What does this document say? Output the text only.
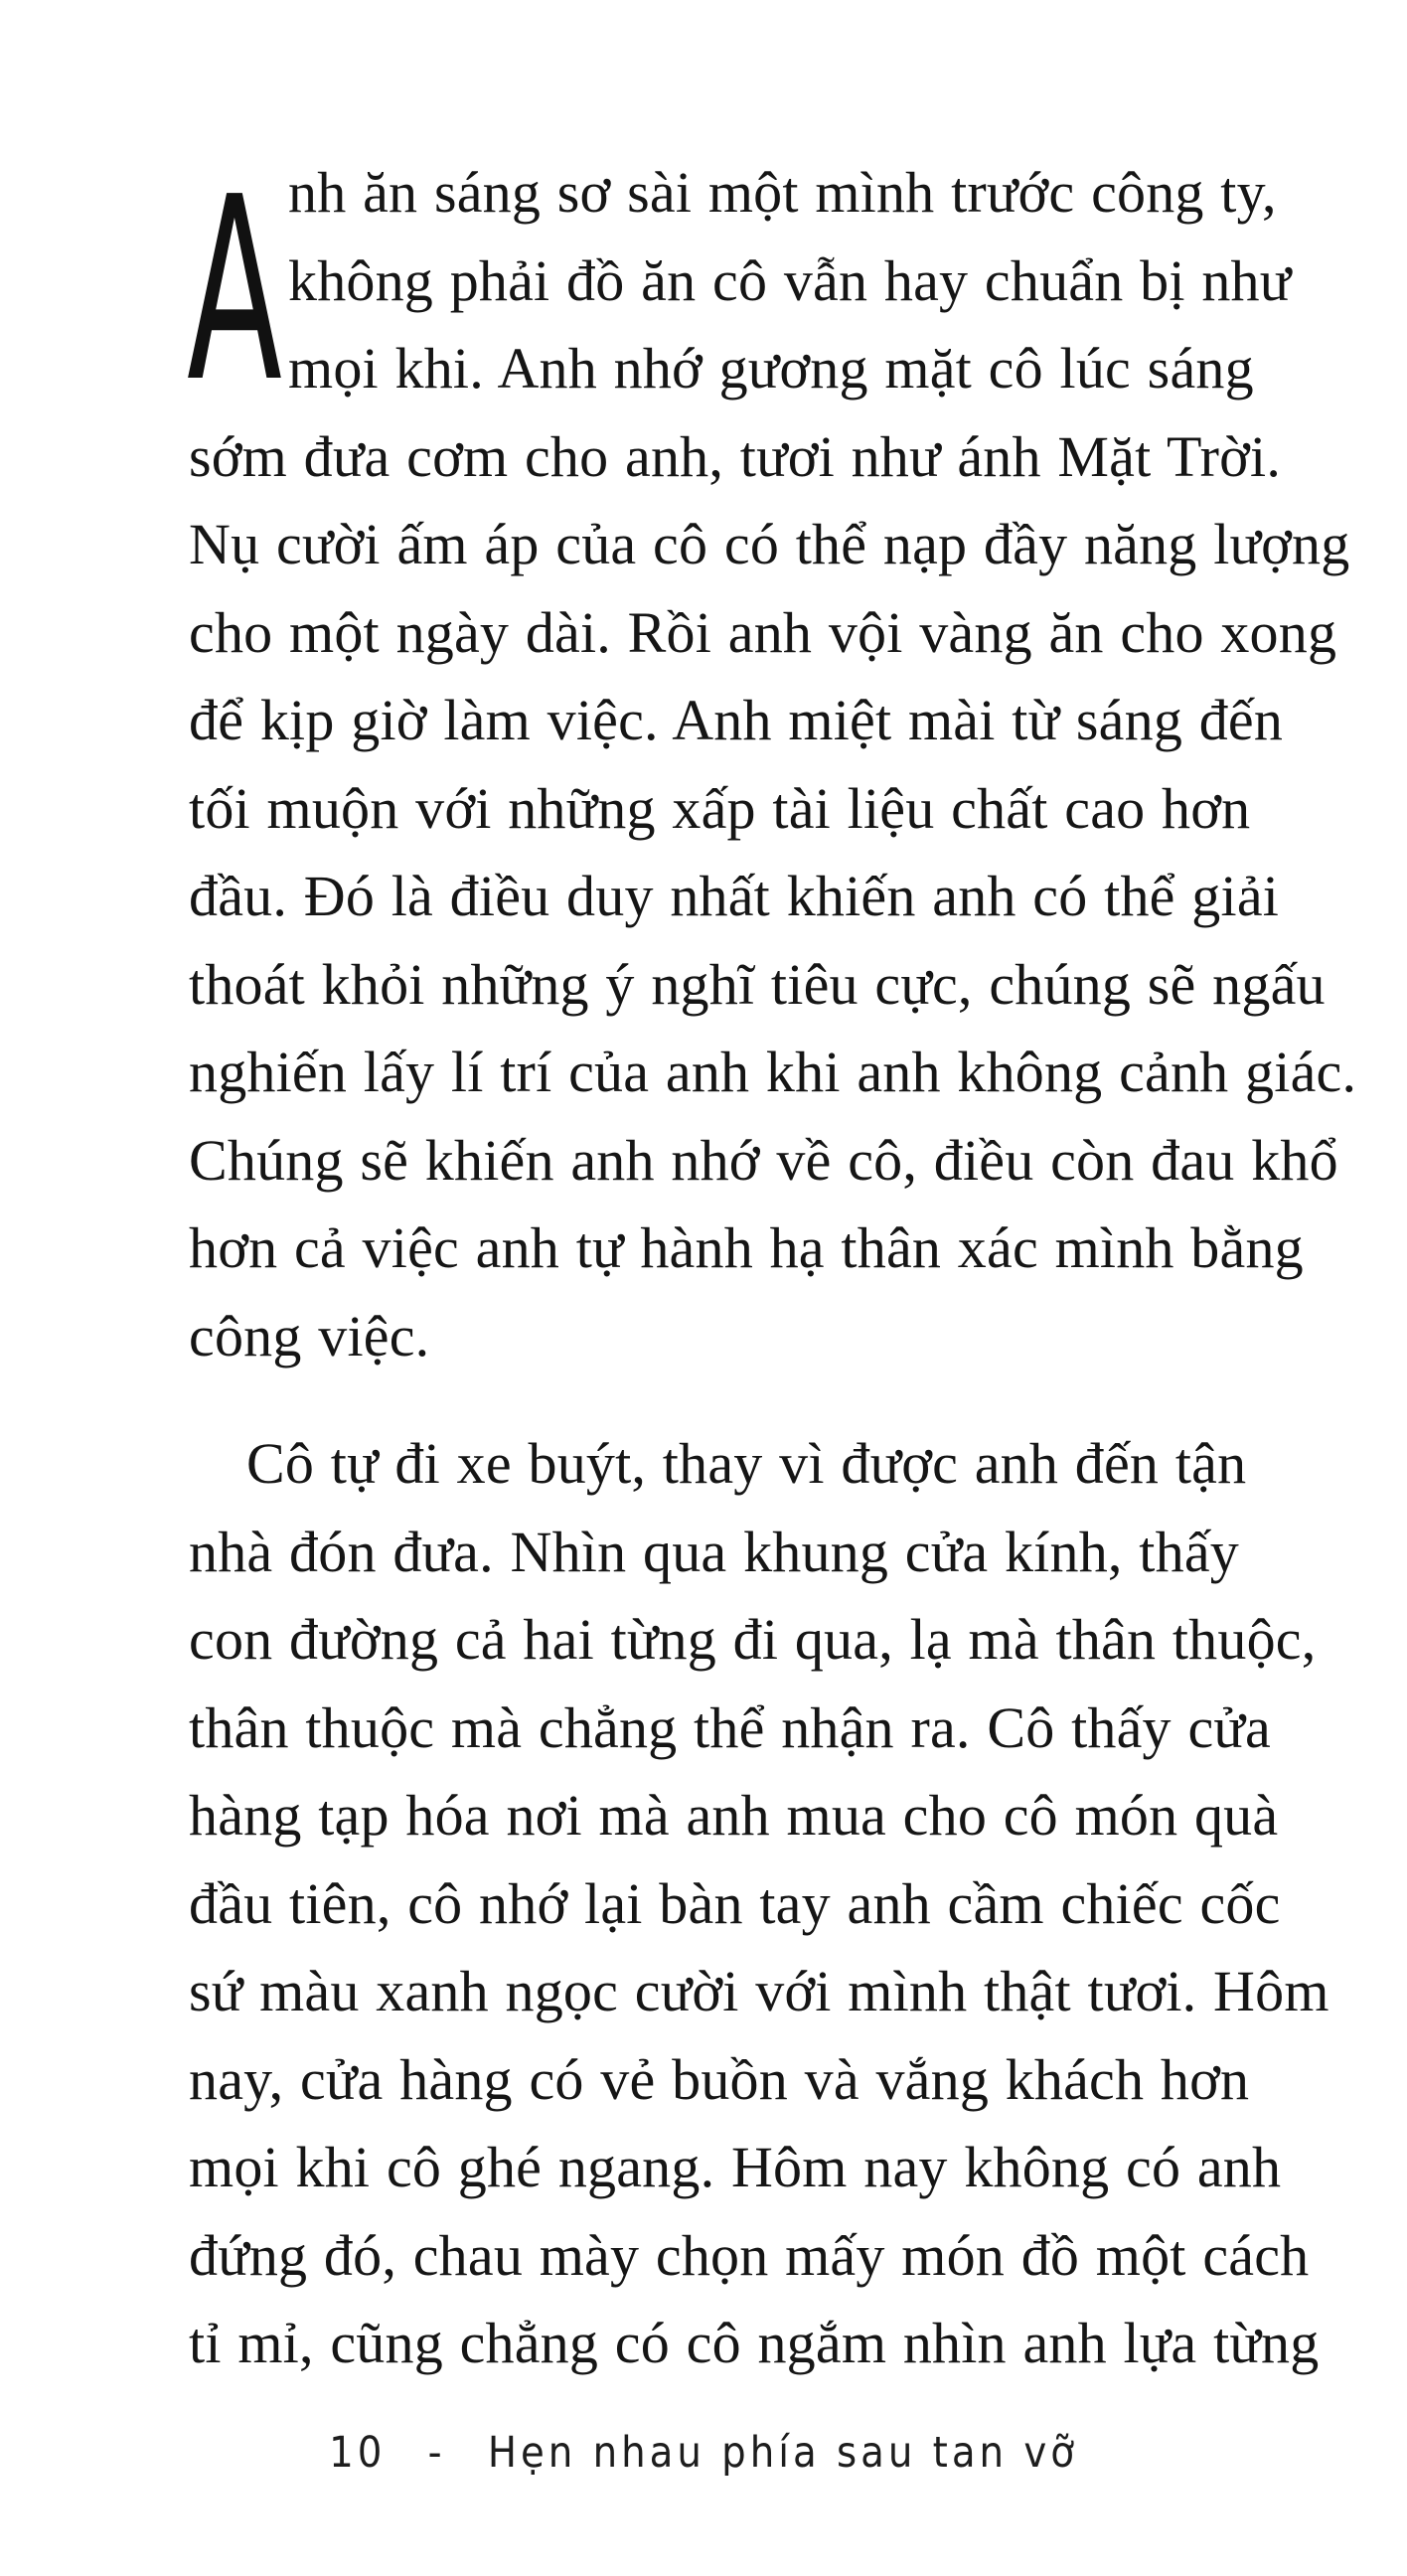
A nh ăn sáng sơ sài một mình trước công ty,
không phải đồ ăn cô vẫn hay chuẩn bị như
mọi khi. Anh nhớ gương mặt cô lúc sáng
sớm đưa cơm cho anh, tươi như ánh Mặt Trời.
Nụ cười ấm áp của cô có thể nạp đầy năng lượng
cho một ngày dài. Rồi anh vội vàng ăn cho xong
để kịp giờ làm việc. Anh miệt mài từ sáng đến
tối muộn với những xấp tài liệu chất cao hơn
đầu. Đó là điều duy nhất khiến anh có thể giải
thoát khỏi những ý nghĩ tiêu cực, chúng sẽ ngấu
nghiến lấy lí trí của anh khi anh không cảnh giác.
Chúng sẽ khiến anh nhớ về cô, điều còn đau khổ
hơn cả việc anh tự hành hạ thân xác mình bằng
công việc.
Cô tự đi xe buýt, thay vì được anh đến tận
nhà đón đưa. Nhìn qua khung cửa kính, thấy
con đường cả hai từng đi qua, lạ mà thân thuộc,
thân thuộc mà chẳng thể nhận ra. Cô thấy cửa
hàng tạp hóa nơi mà anh mua cho cô món quà
đầu tiên, cô nhớ lại bàn tay anh cầm chiếc cốc
sứ màu xanh ngọc cười với mình thật tươi. Hôm
nay, cửa hàng có vẻ buồn và vắng khách hơn
mọi khi cô ghé ngang. Hôm nay không có anh
đứng đó, chau mày chọn mấy món đồ một cách
tỉ mỉ, cũng chẳng có cô ngắm nhìn anh lựa từng
10 - Hẹn nhau phía sau tan vỡ
